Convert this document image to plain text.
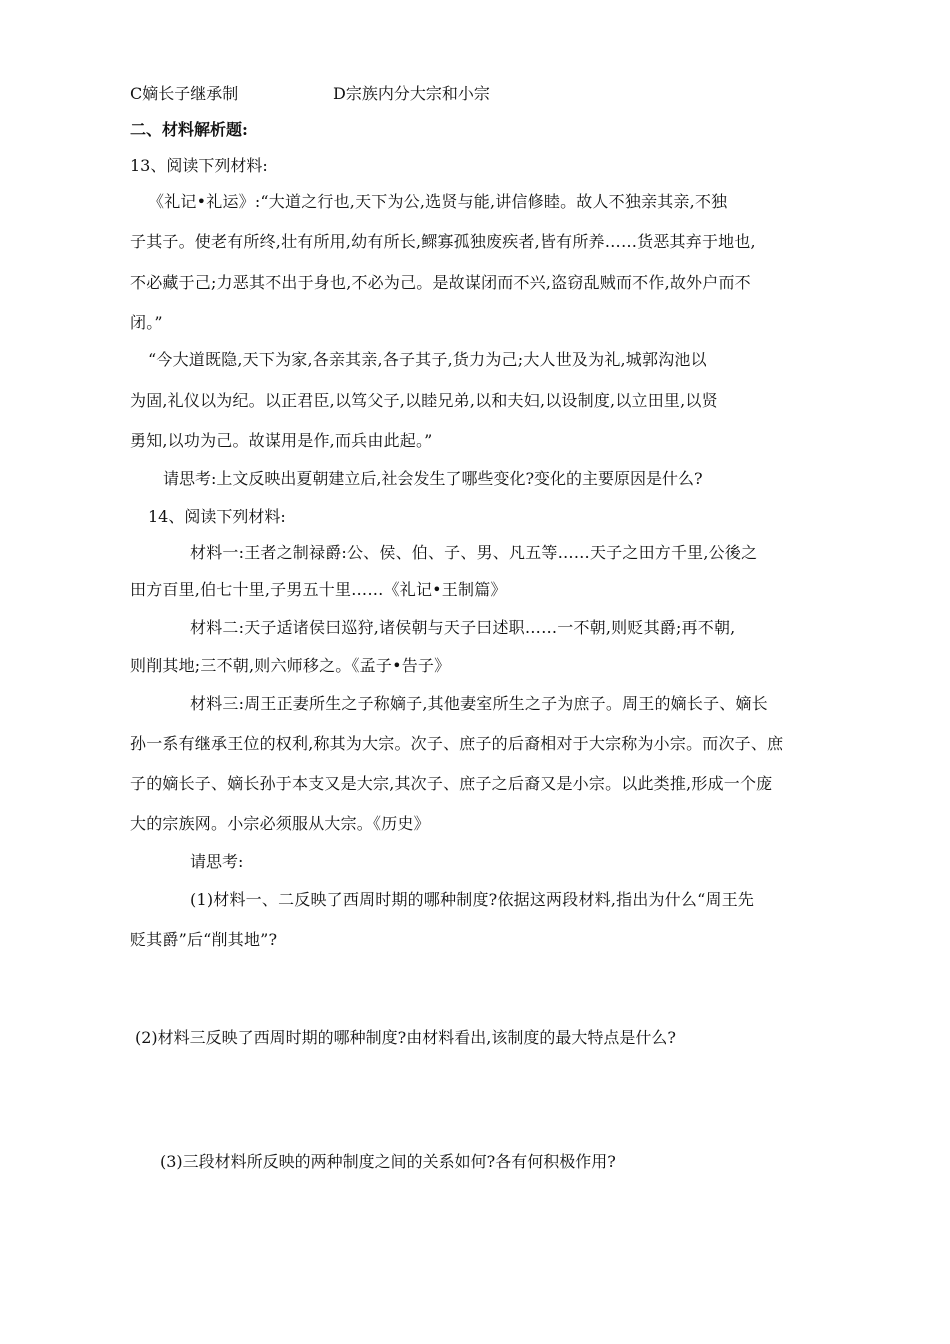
C嫡长子继承制	D宗族内分大宗和小宗
二、材料解析题:
13、阅读下列材料:
《礼记•礼运》:“大道之行也,天下为公,选贤与能,讲信修睦。故人不独亲其亲,不独
子其子。使老有所终,壮有所用,幼有所长,鳏寡孤独废疾者,皆有所养……货恶其弃于地也,
不必藏于己;力恶其不出于身也,不必为己。是故谋闭而不兴,盗窃乱贼而不作,故外户而不
闭。”
“今大道既隐,天下为家,各亲其亲,各子其子,货力为己;大人世及为礼,城郭沟池以
为固,礼仪以为纪。以正君臣,以笃父子,以睦兄弟,以和夫妇,以设制度,以立田里,以贤
勇知,以功为己。故谋用是作,而兵由此起。”
请思考:上文反映出夏朝建立后,社会发生了哪些变化?变化的主要原因是什么?
14、阅读下列材料:
材料一:王者之制禄爵:公、侯、伯、子、男、凡五等……天子之田方千里,公後之
田方百里,伯七十里,子男五十里……《礼记•王制篇》
材料二:天子适诸侯曰巡狩,诸侯朝与天子曰述职……一不朝,则贬其爵;再不朝,
则削其地;三不朝,则六师移之。《孟子•告子》
材料三:周王正妻所生之子称嫡子,其他妻室所生之子为庶子。周王的嫡长子、嫡长
孙一系有继承王位的权利,称其为大宗。次子、庶子的后裔相对于大宗称为小宗。而次子、庶
子的嫡长子、嫡长孙于本支又是大宗,其次子、庶子之后裔又是小宗。以此类推,形成一个庞
大的宗族网。小宗必须服从大宗。《历史》
请思考:
(1)材料一、二反映了西周时期的哪种制度?依据这两段材料,指出为什么“周王先
贬其爵”后“削其地”?
(2)材料三反映了西周时期的哪种制度?由材料看出,该制度的最大特点是什么?
(3)三段材料所反映的两种制度之间的关系如何?各有何积极作用?
